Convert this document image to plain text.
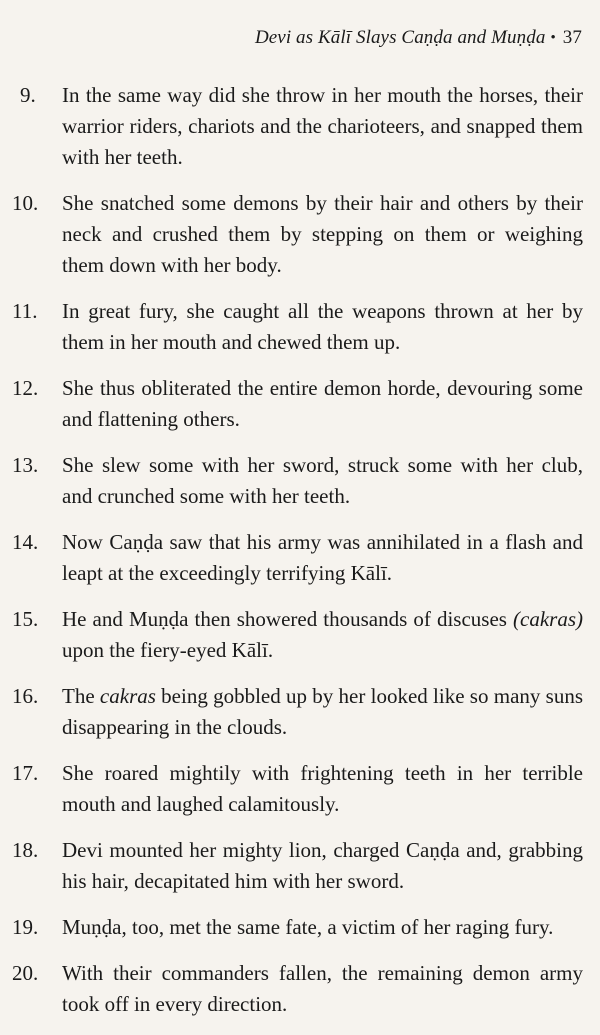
Devi as Kālī Slays Caṇḍa and Muṇḍa • 37
9.	In the same way did she throw in her mouth the horses, their warrior riders, chariots and the charioteers, and snapped them with her teeth.
10.	She snatched some demons by their hair and others by their neck and crushed them by stepping on them or weighing them down with her body.
11.	In great fury, she caught all the weapons thrown at her by them in her mouth and chewed them up.
12.	She thus obliterated the entire demon horde, devouring some and flattening others.
13.	She slew some with her sword, struck some with her club, and crunched some with her teeth.
14.	Now Caṇḍa saw that his army was annihilated in a flash and leapt at the exceedingly terrifying Kālī.
15.	He and Muṇḍa then showered thousands of discuses (cakras) upon the fiery-eyed Kālī.
16.	The cakras being gobbled up by her looked like so many suns disappearing in the clouds.
17.	She roared mightily with frightening teeth in her terrible mouth and laughed calamitously.
18.	Devi mounted her mighty lion, charged Caṇḍa and, grabbing his hair, decapitated him with her sword.
19.	Muṇḍa, too, met the same fate, a victim of her raging fury.
20.	With their commanders fallen, the remaining demon army took off in every direction.
